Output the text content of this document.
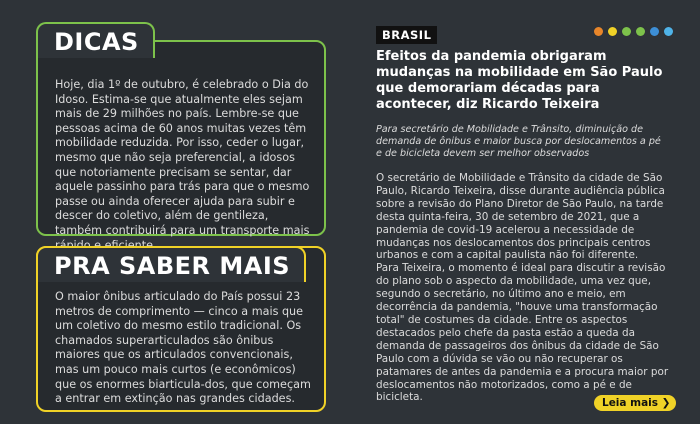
DICAS
Hoje, dia 1º de outubro, é celebrado o Dia do Idoso. Estima-se que atualmente eles sejam mais de 29 milhões no país. Lembre-se que pessoas acima de 60 anos muitas vezes têm mobilidade reduzida. Por isso, ceder o lugar, mesmo que não seja preferencial, a idosos que notoriamente precisam se sentar, dar aquele passinho para trás para que o mesmo passe ou ainda oferecer ajuda para subir e descer do coletivo, além de gentileza, também contribuirá para um transporte mais
PRA SABER MAIS
O maior ônibus articulado do País possui 23 metros de comprimento — cinco a mais que um coletivo do mesmo estilo tradicional. Os chamados superarticulados são ônibus maiores que os articulados convencionais, mas um pouco mais curtos (e econômicos) que os enormes biarticula-dos, que começam a entrar em extinção nas grandes cidades.
BRASIL
Efeitos da pandemia obrigaram mudanças na mobilidade em São Paulo que demorariam décadas para acontecer, diz Ricardo Teixeira
Para secretário de Mobilidade e Trânsito, diminuição de demanda de ônibus e maior busca por deslocamentos a pé e de bicicleta devem ser melhor observados

O secretário de Mobilidade e Trânsito da cidade de São Paulo, Ricardo Teixeira, disse durante audiência pública sobre a revisão do Plano Diretor de São Paulo, na tarde desta quinta-feira, 30 de setembro de 2021, que a pandemia de covid-19 acelerou a necessidade de mudanças nos deslocamentos dos principais centros urbanos e com a capital paulista não foi diferente.

Para Teixeira, o momento é ideal para discutir a revisão do plano sob o aspecto da mobilidade, uma vez que, segundo o secretário, no último ano e meio, em decorrência da pandemia, "houve uma transformação total" de costumes da cidade. Entre os aspectos destacados pelo chefe da pasta estão a queda da demanda de passageiros dos ônibus da cidade de São Paulo com a dúvida se vão ou não recuperar os patamares de antes da pandemia e a procura maior por deslocamentos não motorizados, como a pé e de bicicleta.	Leia mais ❯
